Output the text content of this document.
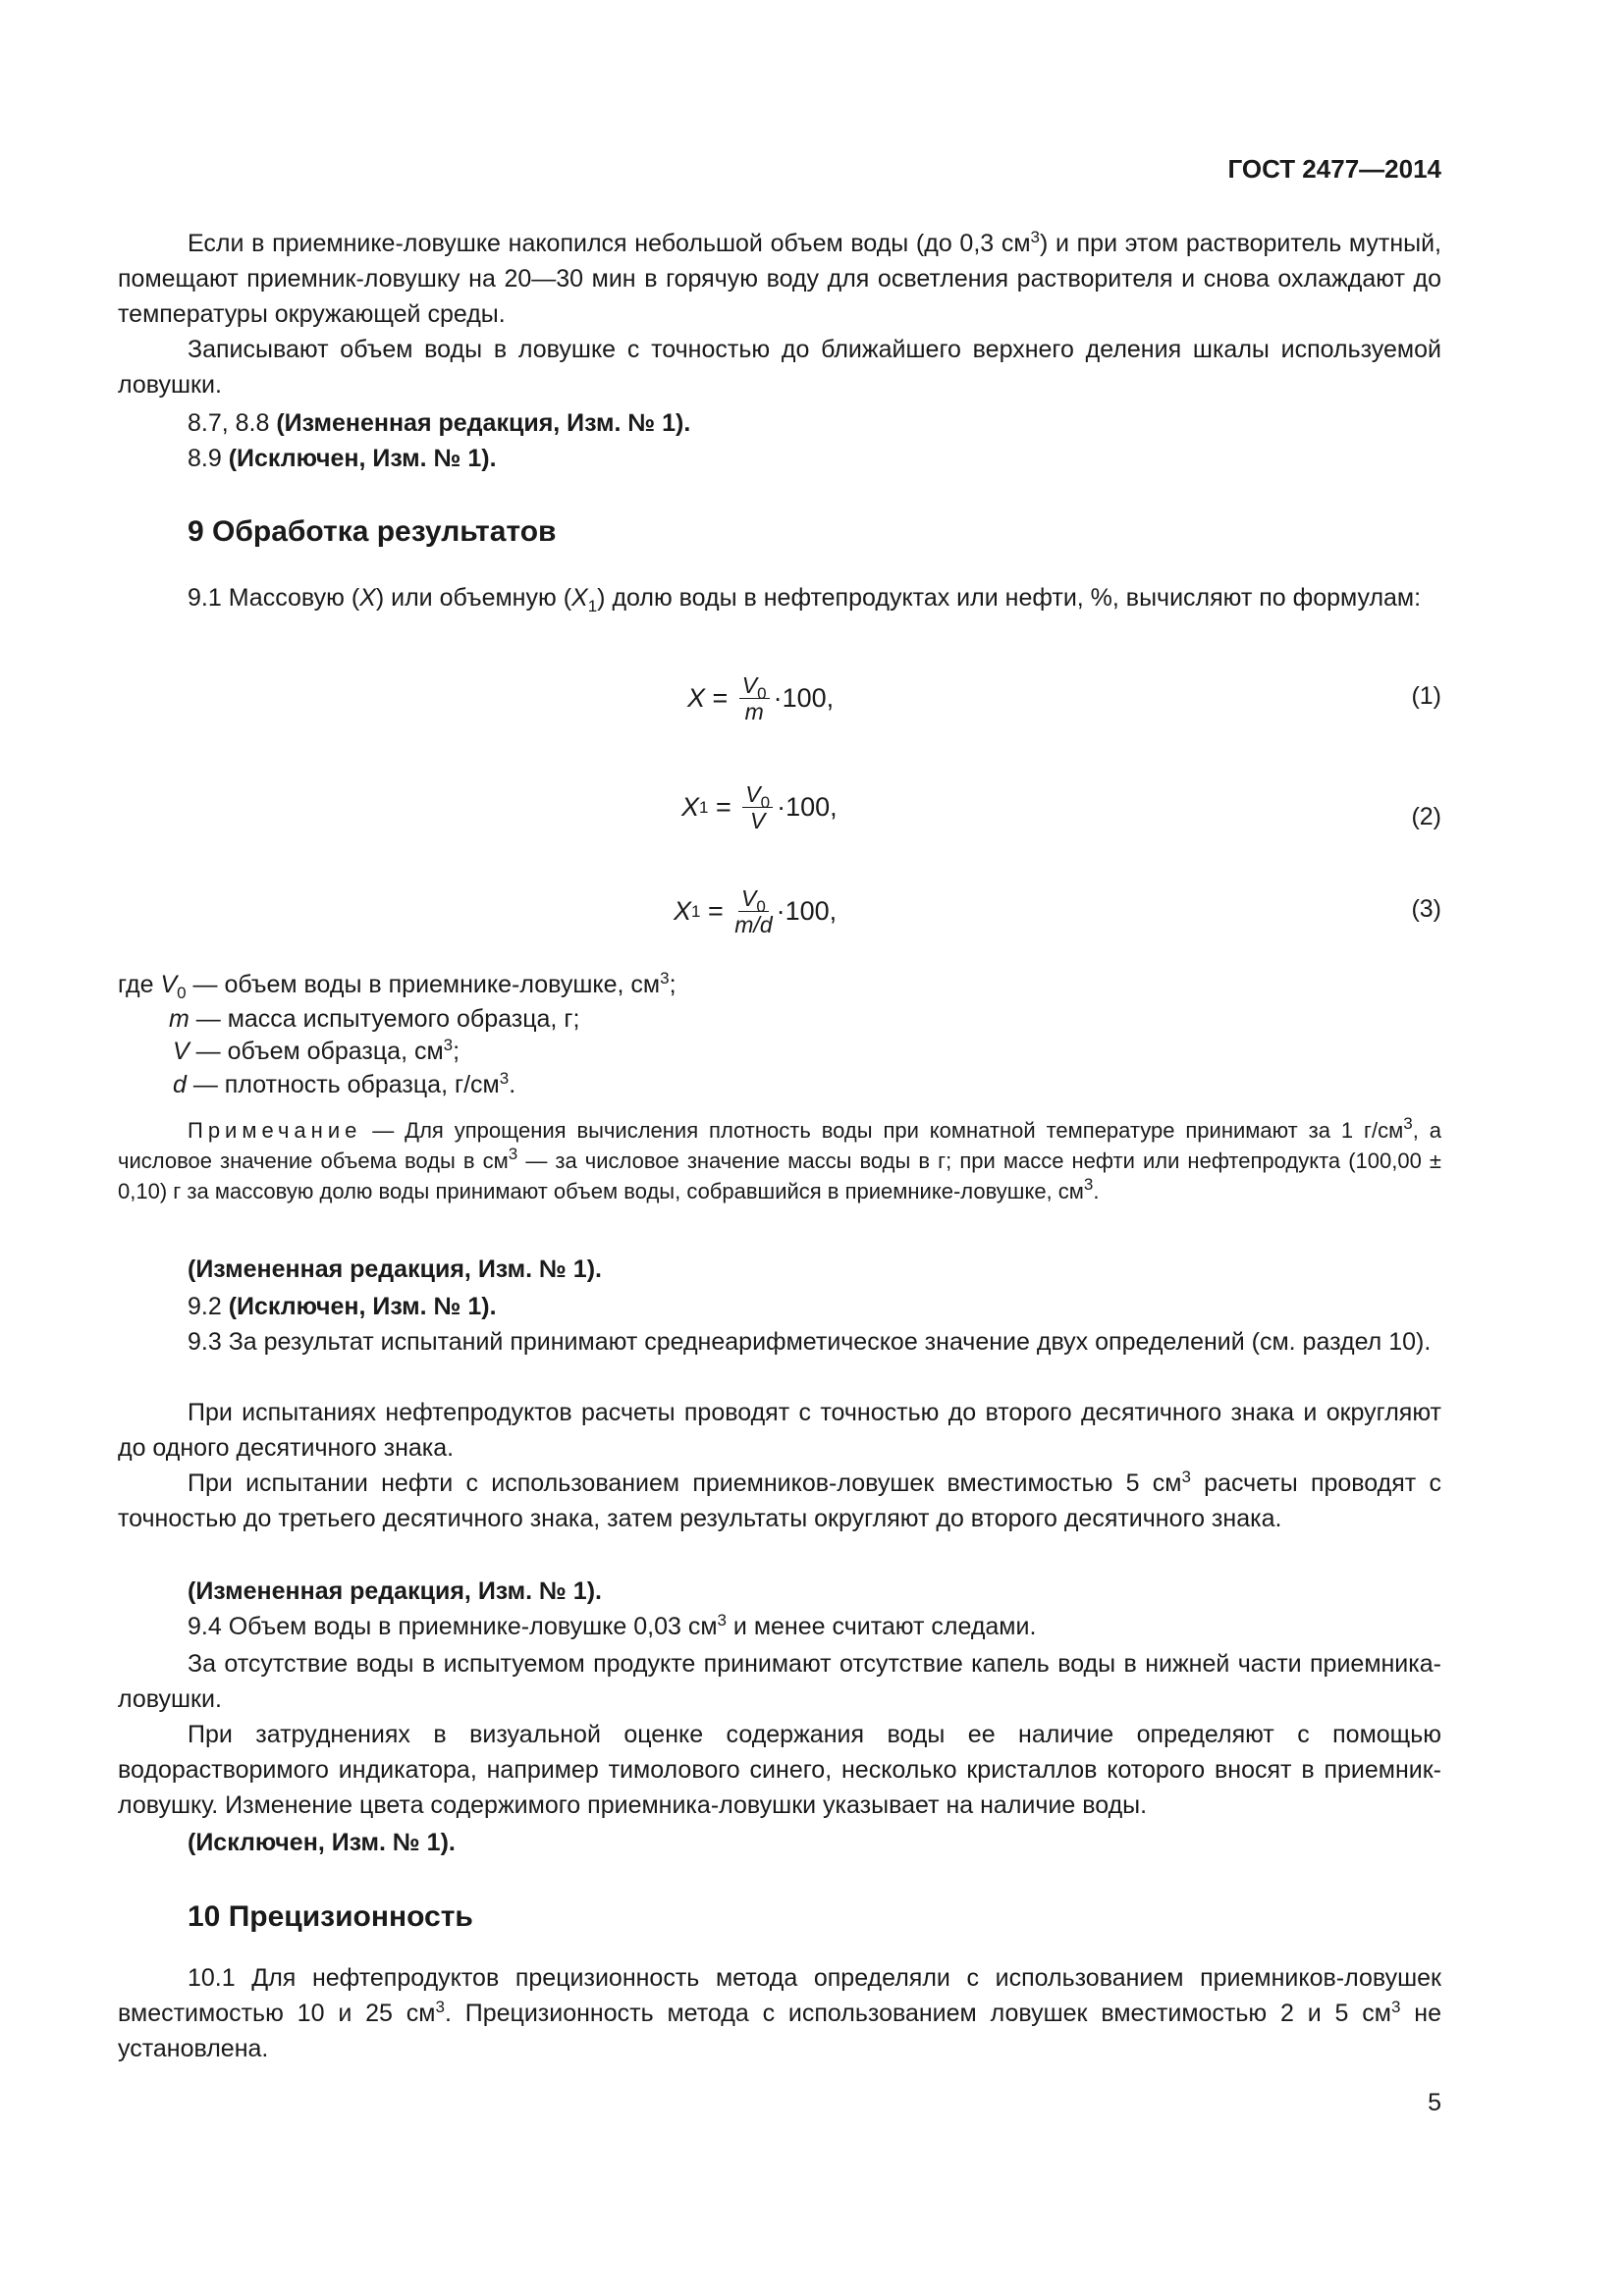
ГОСТ 2477—2014
Если в приемнике-ловушке накопился небольшой объем воды (до 0,3 $см^3$) и при этом растворитель мутный, помещают приемник-ловушку на 20—30 мин в горячую воду для осветления растворителя и снова охлаждают до температуры окружающей среды.
Записывают объем воды в ловушке с точностью до ближайшего верхнего деления шкалы используемой ловушки.
8.7, 8.8 (Измененная редакция, Изм. № 1).
8.9 (Исключен, Изм. № 1).
9 Обработка результатов
9.1 Массовую (X) или объемную $(X_1)$ долю воды в нефтепродуктах или нефти, %, вычисляют по формулам:
$X = \frac{V_0}{m} \cdot 100$,
X $1 = \frac{V_0}{V} \cdot 100$,
X $1 = \frac{V_0}{m/d} \cdot 100$,
где $V_0$ — объем воды в приемнике-ловушке, $см^3$;
m — масса испытуемого образца, г;
V — объем образца, $см^3$;
d — плотность образца, $г/см^3$.
Примечание — Для упрощения вычисления плотность воды при комнатной температуре принимают за 1 $г/см^3$, а числовое значение объема воды в $см^3$ — за числовое значение массы воды в г; при массе нефти или нефтепродукта (100,00 ± 0,10) г за массовую долю воды принимают объем воды, собравшийся в приемнике-ловушке, $см^3$.
(Измененная редакция, Изм. № 1).
9.2 (Исключен, Изм. № 1).
9.3 За результат испытаний принимают среднеарифметическое значение двух определений (см. раздел 10).
При испытаниях нефтепродуктов расчеты проводят с точностью до второго десятичного знака и округляют до одного десятичного знака.
При испытании нефти с использованием приемников-ловушек вместимостью 5 $см^3$ расчеты проводят с точностью до третьего десятичного знака, затем результаты округляют до второго десятичного знака.
(Измененная редакция, Изм. № 1).
9.4 Объем воды в приемнике-ловушке 0,03 $см^3$ и менее считают следами.
За отсутствие воды в испытуемом продукте принимают отсутствие капель воды в нижней части приемника-ловушки.
При затруднениях в визуальной оценке содержания воды ее наличие определяют с помощью водорастворимого индикатора, например тимолового синего, несколько кристаллов которого вносят в приемник-ловушку. Изменение цвета содержимого приемника-ловушки указывает на наличие воды.
(Исключен, Изм. № 1).
10 Прецизионность
10.1 Для нефтепродуктов прецизионность метода определяли с использованием приемников-ловушек вместимостью 10 и 25 $см^3$. Прецизионность метода с использованием ловушек вместимостью 2 и 5 $см^3$ не установлена.
5
(1)
(2)
(3)
